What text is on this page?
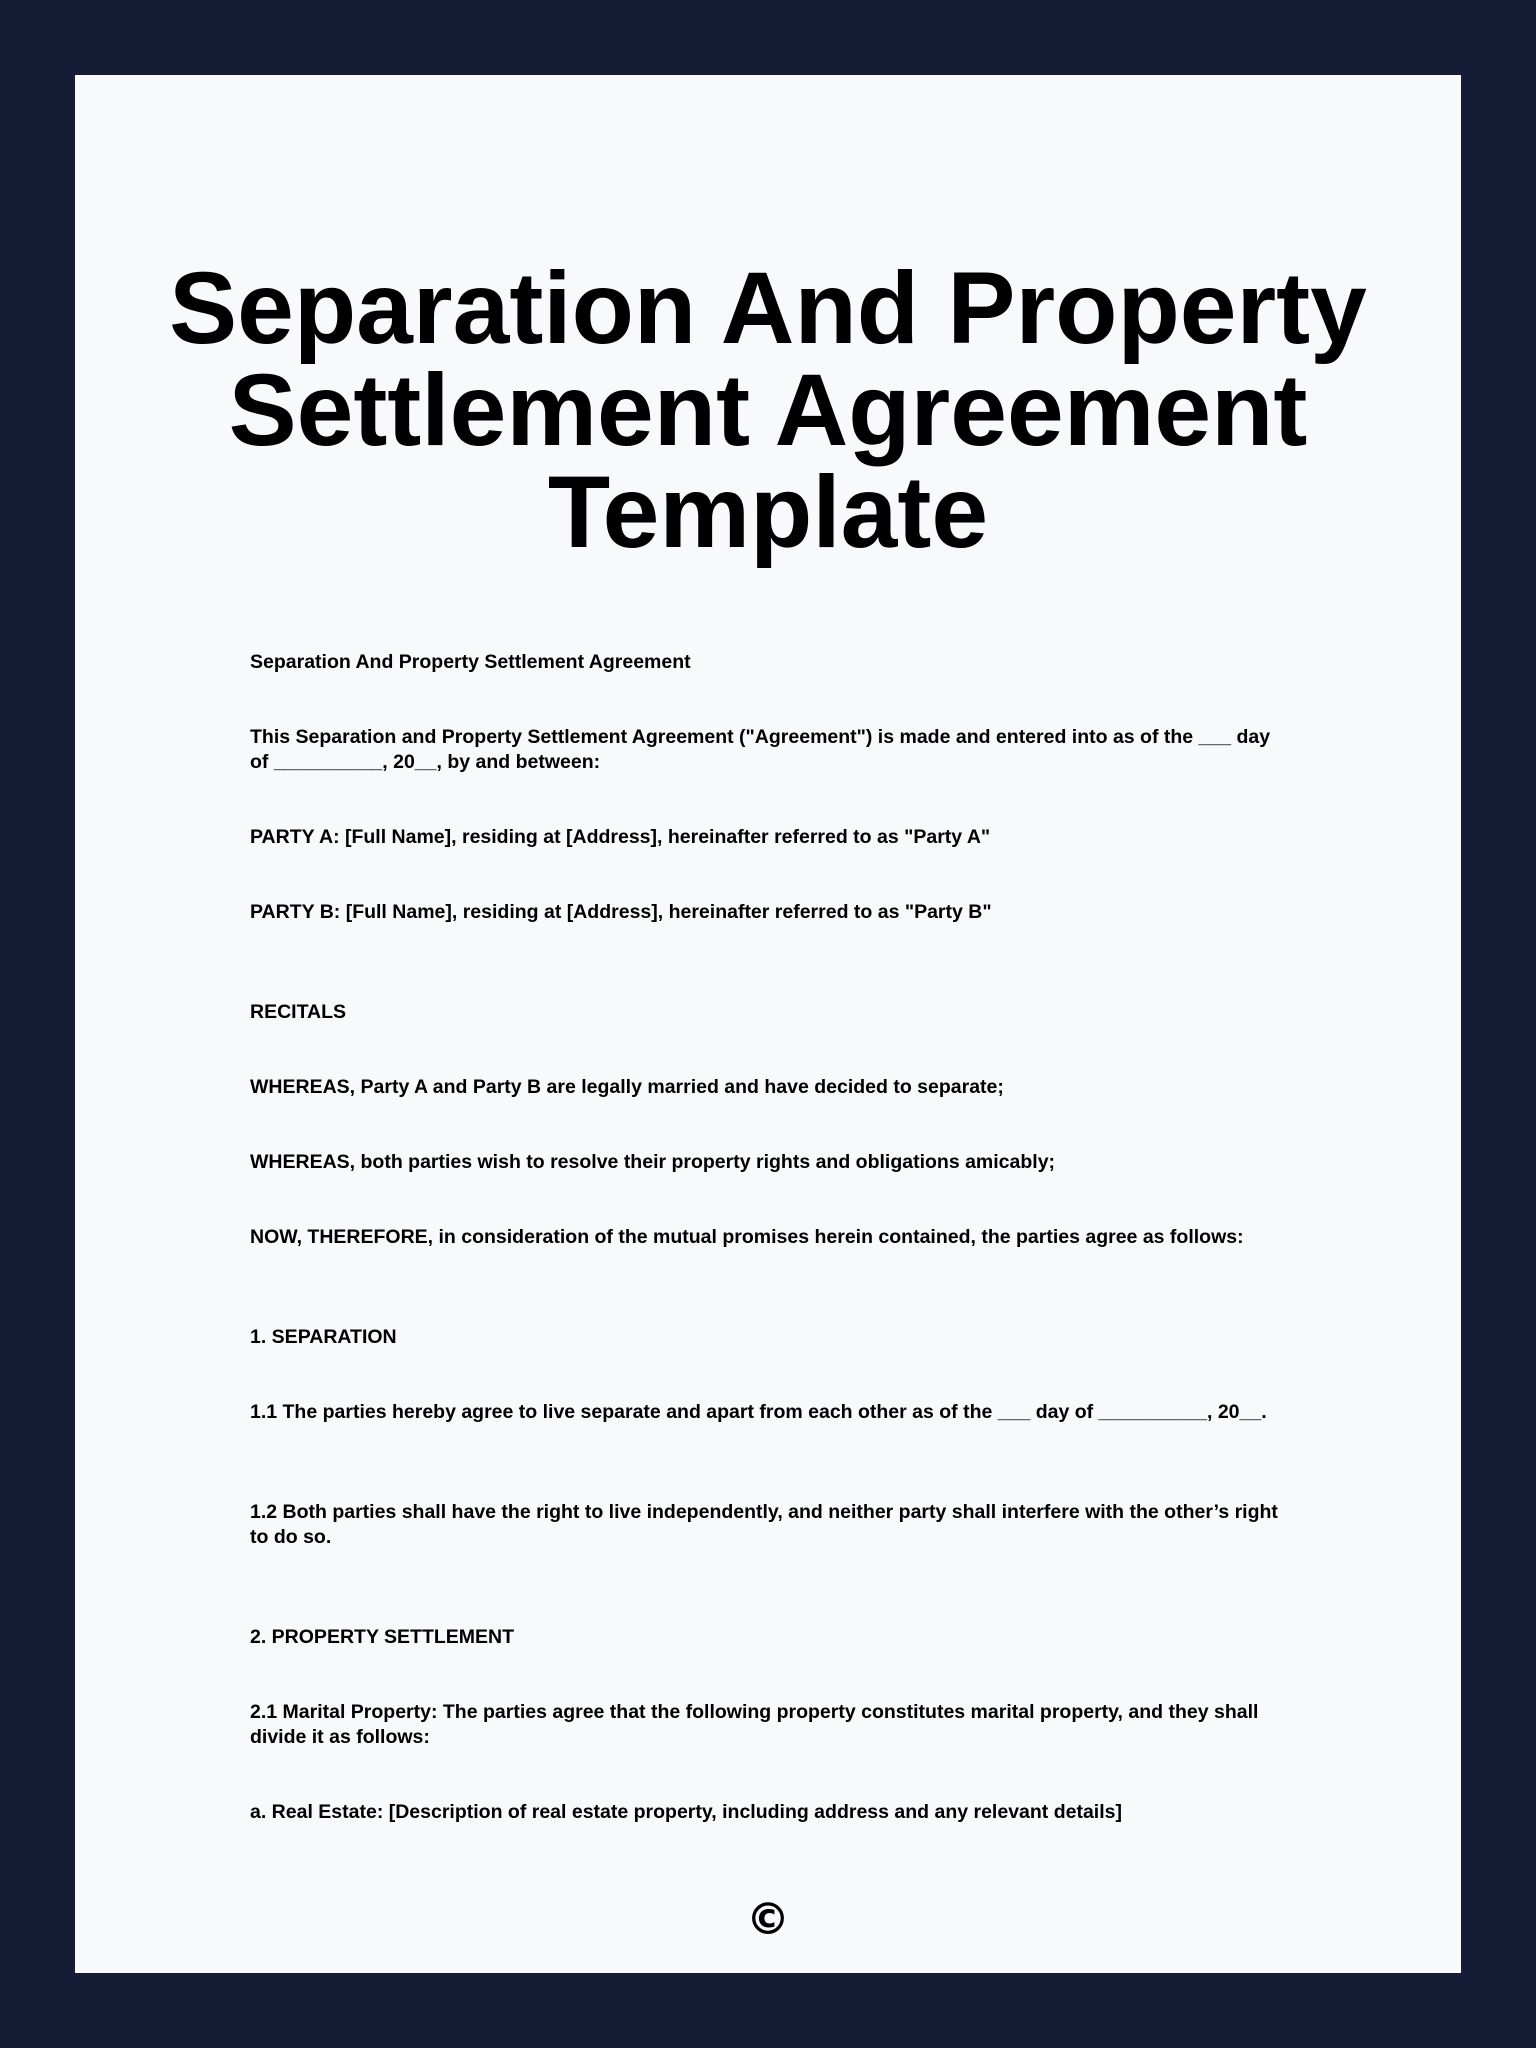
Separation And Property Settlement Agreement Template

Separation And Property Settlement Agreement

This Separation and Property Settlement Agreement ("Agreement") is made and entered into as of the ___ day of __________, 20__, by and between:

PARTY A: [Full Name], residing at [Address], hereinafter referred to as "Party A"

PARTY B: [Full Name], residing at [Address], hereinafter referred to as "Party B"

RECITALS

WHEREAS, Party A and Party B are legally married and have decided to separate;

WHEREAS, both parties wish to resolve their property rights and obligations amicably;

NOW, THEREFORE, in consideration of the mutual promises herein contained, the parties agree as follows:

1. SEPARATION

1.1 The parties hereby agree to live separate and apart from each other as of the ___ day of __________, 20__.

1.2 Both parties shall have the right to live independently, and neither party shall interfere with the other’s right to do so.

2. PROPERTY SETTLEMENT

2.1 Marital Property: The parties agree that the following property constitutes marital property, and they shall divide it as follows:

a. Real Estate: [Description of real estate property, including address and any relevant details]

©
